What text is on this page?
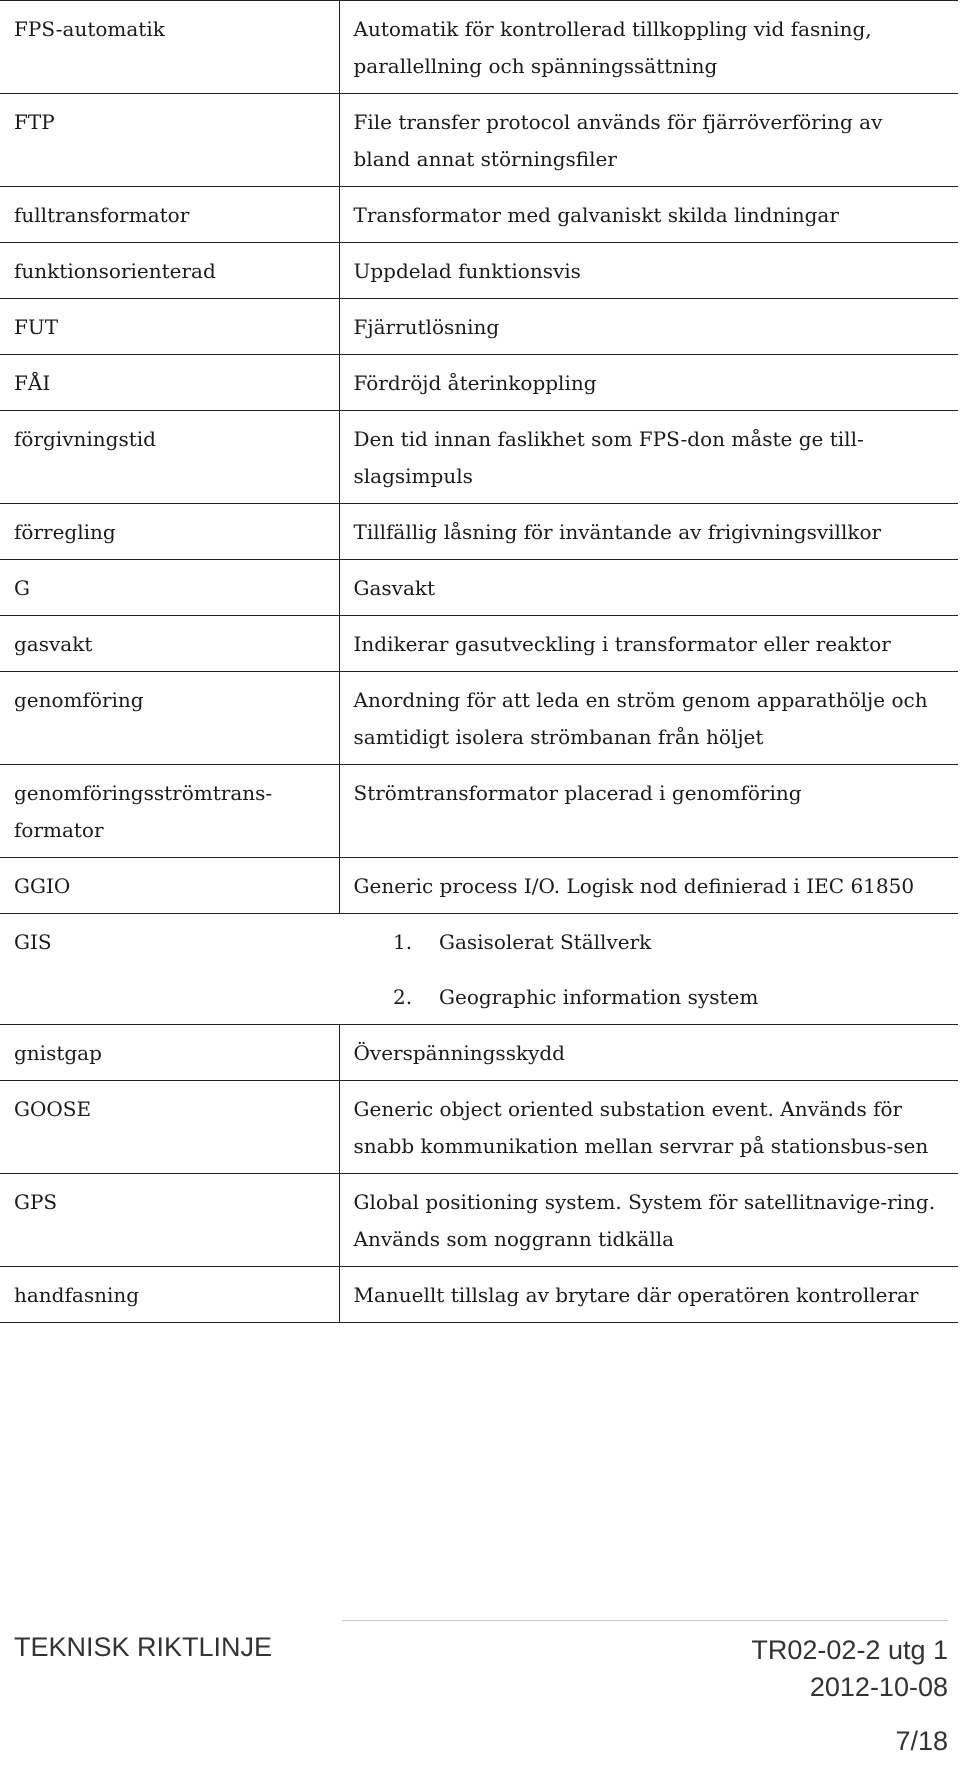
FPS-automatik	Automatik för kontrollerad tillkoppling vid fasning, parallellning och spänningssättning
FTP	File transfer protocol används för fjärröverföring av bland annat störningsfiler
fulltransformator	Transformator med galvaniskt skilda lindningar
funktionsorienterad	Uppdelad funktionsvis
FUT	Fjärrutlösning
FÅI	Fördröjd återinkoppling
förgivningstid	Den tid innan faslikhet som FPS-don måste ge till-slagsimpuls
förregling	Tillfällig låsning för inväntande av frigivningsvillkor
G	Gasvakt
gasvakt	Indikerar gasutveckling i transformator eller reaktor
genomföring	Anordning för att leda en ström genom apparathölje och samtidigt isolera strömbanan från höljet
genomföringsströmtrans-formator	Strömtransformator placerad i genomföring
GGIO	Generic process I/O. Logisk nod definierad i IEC 61850
GIS	1. Gasisolerat Ställverk
	2. Geographic information system
gnistgap	Överspänningsskydd
GOOSE	Generic object oriented substation event. Används för snabb kommunikation mellan servrar på stationsbus-sen
GPS	Global positioning system. System för satellitnavige-ring. Används som noggrann tidkälla
handfasning	Manuellt tillslag av brytare där operatören kontrollerar
TEKNISK RIKTLINJE	TR02-02-2 utg 1
2012-10-08
7/18
